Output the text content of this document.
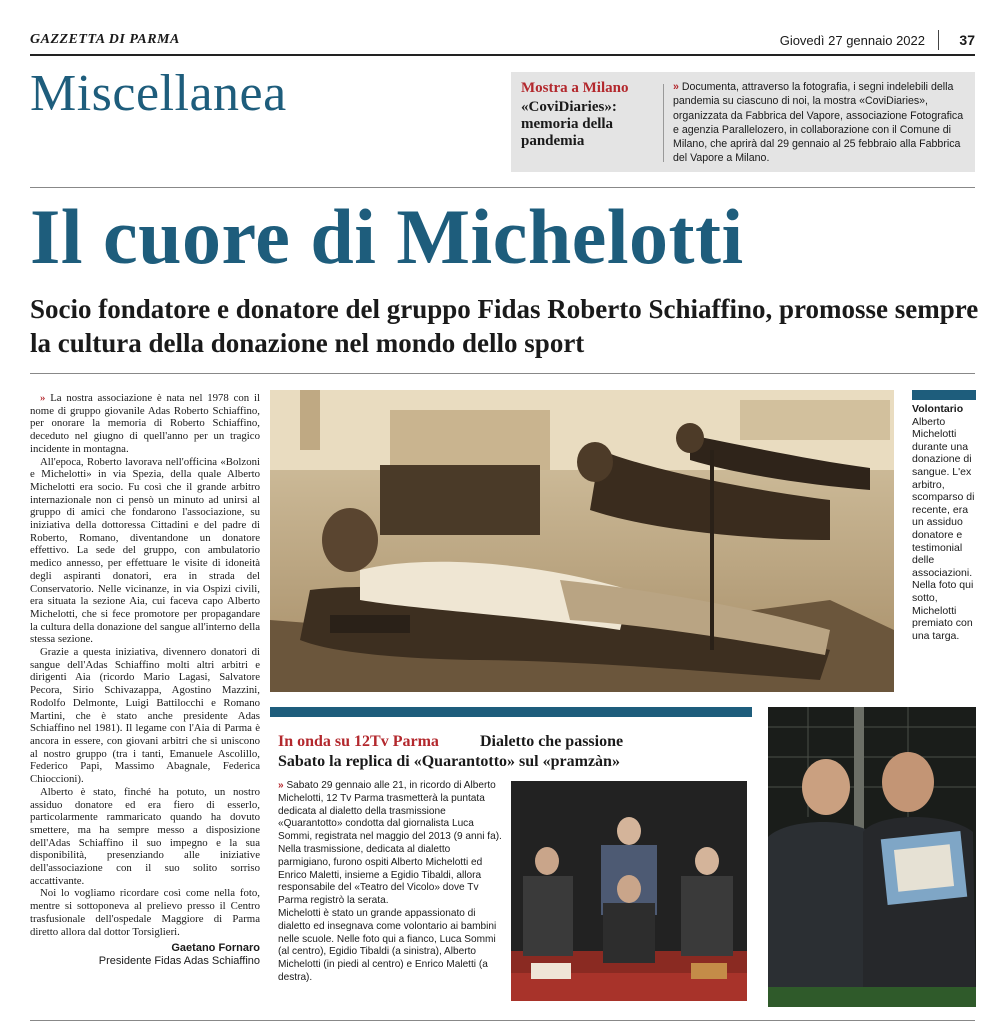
GAZZETTA DI PARMA	Giovedì 27 gennaio 2022 37
Miscellanea	Mostra a Milano
«CoviDiaries»: memoria della pandemia
» Documenta, attraverso la fotografia, i segni indelebili della pandemia su ciascuno di noi, la mostra «CoviDiaries», organizzata da Fabbrica del Vapore, associazione Fotografica e agenzia Parallelozero, in collaborazione con il Comune di Milano, che aprirà dal 29 gennaio al 25 febbraio alla Fabbrica del Vapore a Milano.
Il cuore di Michelotti
Socio fondatore e donatore del gruppo Fidas Roberto Schiaffino, promosse sempre la cultura della donazione nel mondo dello sport

» La nostra associazione è nata nel 1978 con il nome di gruppo giovanile Adas Roberto Schiaffino, per onorare la memoria di Roberto Schiaffino, deceduto nel giugno di quell'anno per un tragico incidente in montagna.

All'epoca, Roberto lavorava nell'officina «Bolzoni e Michelotti» in via Spezia, della quale Alberto Michelotti era socio. Fu così che il grande arbitro internazionale non ci pensò un minuto ad unirsi al gruppo di amici che fondarono l'associazione, su iniziativa della dottoressa Cittadini e del padre di Roberto, Romano, diventandone un donatore effettivo. La sede del gruppo, con ambulatorio medico annesso, per effettuare le visite di idoneità degli aspiranti donatori, era in strada del Conservatorio. Nelle vicinanze, in via Ospizi civili, era situata la sezione Aia, cui faceva capo Alberto Michelotti, che si fece promotore per propagandare la cultura della donazione del sangue all'interno della stessa sezione.

Grazie a questa iniziativa, divennero donatori di sangue dell'Adas Schiaffino molti altri arbitri e dirigenti Aia (ricordo Mario Lagasi, Salvatore Pecora, Sirio Schivazappa, Agostino Mazzini, Rodolfo Delmonte, Luigi Battilocchi e Romano Martini, che è stato anche presidente Adas Schiaffino nel 1981). Il legame con l'Aia di Parma è ancora in essere, con giovani arbitri che si uniscono al nostro gruppo (tra i tanti, Emanuele Ascolillo, Federico Papi, Massimo Abagnale, Federica Chioccioni).

Alberto è stato, finché ha potuto, un nostro assiduo donatore ed era fiero di esserlo, particolarmente rammaricato quando ha dovuto smettere, ma ha sempre messo a disposizione dell'Adas Schiaffino il suo impegno e la sua disponibilità, presenziando alle iniziative dell'associazione con il suo solito sorriso accattivante.

Noi lo vogliamo ricordare così come nella foto, mentre si sottoponeva al prelievo presso il Centro trasfusionale dell'ospedale Maggiore di Parma diretto allora dal dottor Torsiglieri.

Gaetano Fornaro
Presidente Fidas Adas Schiaffino
Volontario
Alberto Michelotti durante una donazione di sangue. L'ex arbitro, scomparso di recente, era un assiduo donatore e testimonial delle associazioni. Nella foto qui sotto, Michelotti premiato con una targa.
In onda su 12Tv Parma	Dialetto che passione
Sabato la replica di «Quarantotto» sul «pramzàn»

» Sabato 29 gennaio alle 21, in ricordo di Alberto Michelotti, 12 Tv Parma trasmetterà la puntata dedicata al dialetto della trasmissione «Quarantotto» condotta dal giornalista Luca Sommi, registrata nel maggio del 2013 (9 anni fa).

Nella trasmissione, dedicata al dialetto parmigiano, furono ospiti Alberto Michelotti ed Enrico Maletti, insieme a Egidio Tibaldi, allora responsabile del «Teatro del Vicolo» dove Tv Parma registrò la serata.

Michelotti è stato un grande appassionato di dialetto ed insegnava come volontario ai bambini nelle scuole. Nelle foto qui a fianco, Luca Sommi (al centro), Egidio Tibaldi (a sinistra), Alberto Michelotti (in piedi al centro) e Enrico Maletti (a destra).
